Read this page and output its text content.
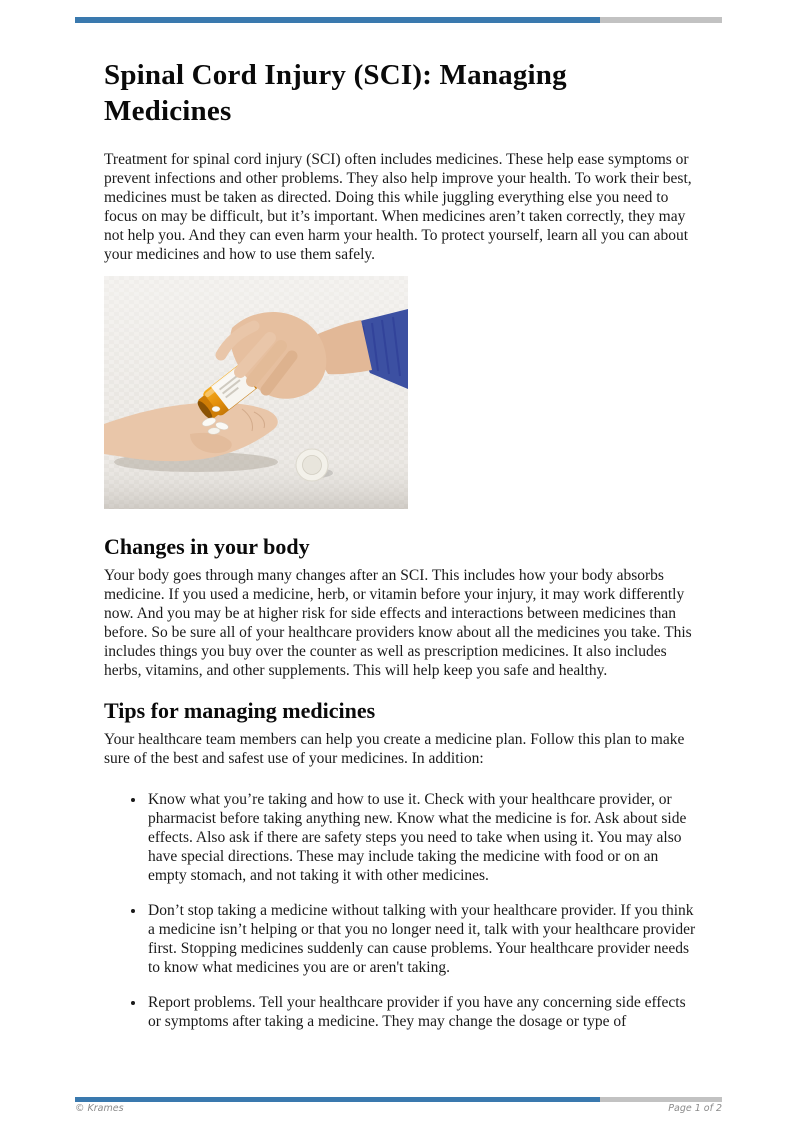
Spinal Cord Injury (SCI): Managing Medicines

Treatment for spinal cord injury (SCI) often includes medicines. These help ease symptoms or prevent infections and other problems. They also help improve your health. To work their best, medicines must be taken as directed. Doing this while juggling everything else you need to focus on may be difficult, but it’s important. When medicines aren’t taken correctly, they may not help you. And they can even harm your health. To protect yourself, learn all you can about your medicines and how to use them safely.

Changes in your body

Your body goes through many changes after an SCI. This includes how your body absorbs medicine. If you used a medicine, herb, or vitamin before your injury, it may work differently now. And you may be at higher risk for side effects and interactions between medicines than before. So be sure all of your healthcare providers know about all the medicines you take. This includes things you buy over the counter as well as prescription medicines. It also includes herbs, vitamins, and other supplements. This will help keep you safe and healthy.

Tips for managing medicines

Your healthcare team members can help you create a medicine plan. Follow this plan to make sure of the best and safest use of your medicines. In addition:

• Know what you’re taking and how to use it. Check with your healthcare provider, or pharmacist before taking anything new. Know what the medicine is for. Ask about side effects. Also ask if there are safety steps you need to take when using it. You may also have special directions. These may include taking the medicine with food or on an empty stomach, and not taking it with other medicines.
• Don’t stop taking a medicine without talking with your healthcare provider. If you think a medicine isn’t helping or that you no longer need it, talk with your healthcare provider first. Stopping medicines suddenly can cause problems. Your healthcare provider needs to know what medicines you are or aren't taking.
• Report problems. Tell your healthcare provider if you have any concerning side effects or symptoms after taking a medicine. They may change the dosage or type of
© Krames	Page 1 of 2
